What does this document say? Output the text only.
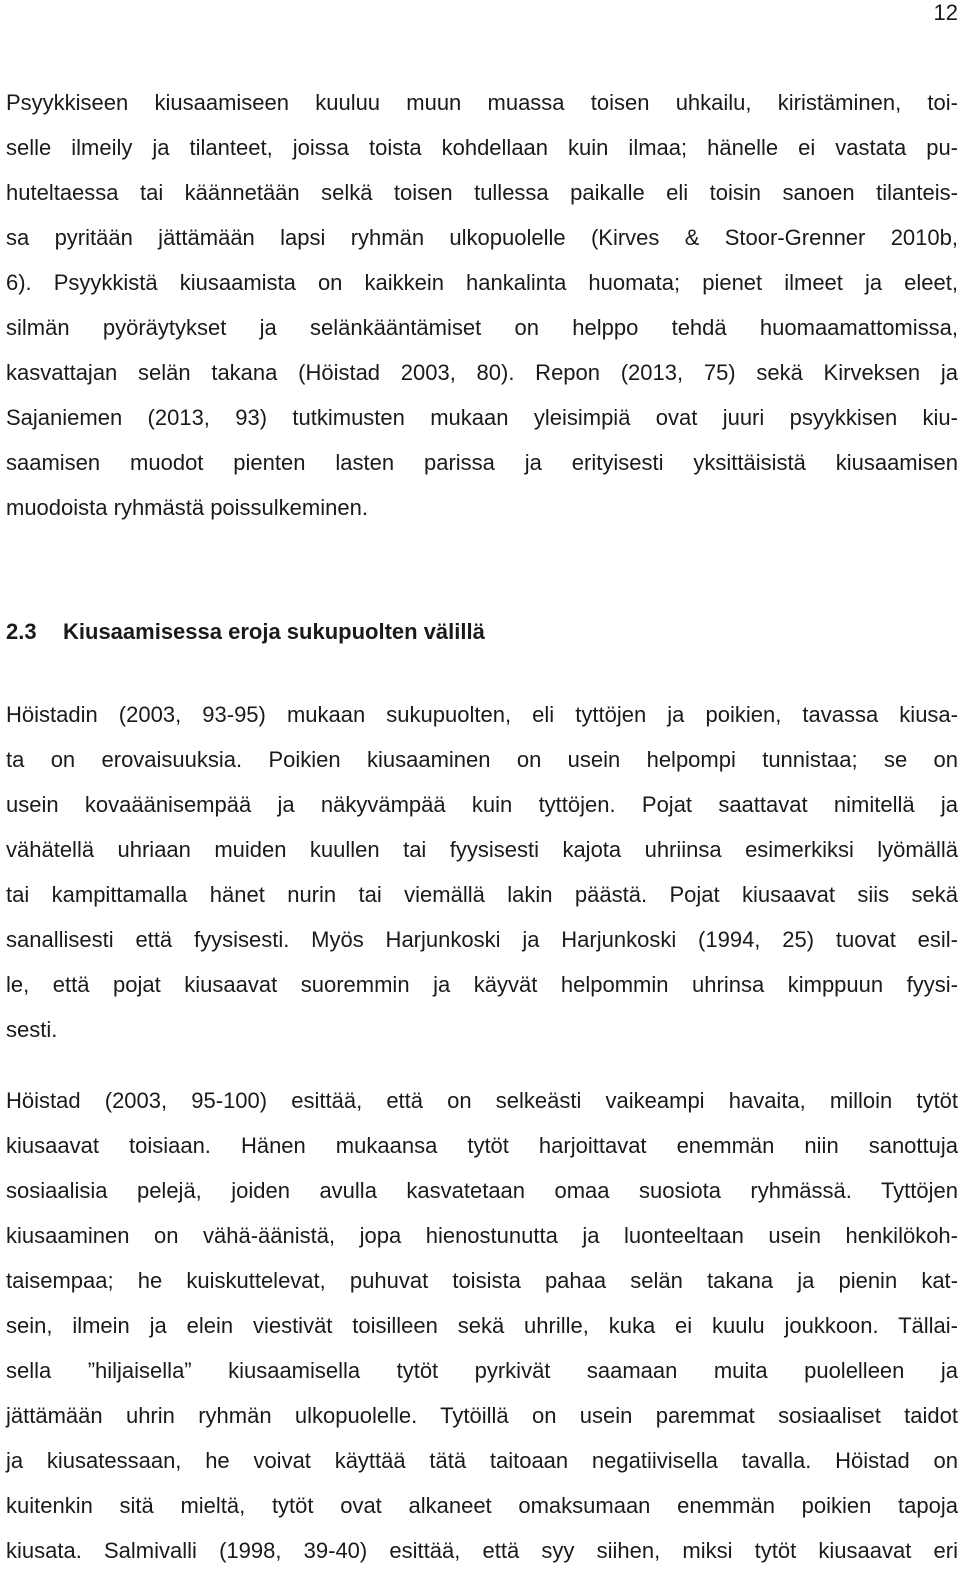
12
Psyykkiseen kiusaamiseen kuuluu muun muassa toisen uhkailu, kiristäminen, toi-
selle ilmeily ja tilanteet, joissa toista kohdellaan kuin ilmaa; hänelle ei vastata pu-
huteltaessa tai käännetään selkä toisen tullessa paikalle eli toisin sanoen tilanteis-
sa pyritään jättämään lapsi ryhmän ulkopuolelle (Kirves & Stoor-Grenner 2010b,
6). Psyykkistä kiusaamista on kaikkein hankalinta huomata; pienet ilmeet ja eleet,
silmän pyöräytykset ja selänkääntämiset on helppo tehdä huomaamattomissa,
kasvattajan selän takana (Höistad 2003, 80). Repon (2013, 75) sekä Kirveksen ja
Sajaniemen (2013, 93) tutkimusten mukaan yleisimpiä ovat juuri psyykkisen kiu-
saamisen muodot pienten lasten parissa ja erityisesti yksittäisistä kiusaamisen
muodoista ryhmästä poissulkeminen.
2.3 Kiusaamisessa eroja sukupuolten välillä
Höistadin (2003, 93-95) mukaan sukupuolten, eli tyttöjen ja poikien, tavassa kiusa-
ta on erovaisuuksia. Poikien kiusaaminen on usein helpompi tunnistaa; se on
usein kovaäänisempää ja näkyvämpää kuin tyttöjen. Pojat saattavat nimitellä ja
vähätellä uhriaan muiden kuullen tai fyysisesti kajota uhriinsa esimerkiksi lyömällä
tai kampittamalla hänet nurin tai viemällä lakin päästä. Pojat kiusaavat siis sekä
sanallisesti että fyysisesti. Myös Harjunkoski ja Harjunkoski (1994, 25) tuovat esil-
le, että pojat kiusaavat suoremmin ja käyvät helpommin uhrinsa kimppuun fyysi-
sesti.
Höistad (2003, 95-100) esittää, että on selkeästi vaikeampi havaita, milloin tytöt
kiusaavat toisiaan. Hänen mukaansa tytöt harjoittavat enemmän niin sanottuja
sosiaalisia pelejä, joiden avulla kasvatetaan omaa suosiota ryhmässä. Tyttöjen
kiusaaminen on vähä-äänistä, jopa hienostunutta ja luonteeltaan usein henkilökoh-
taisempaa; he kuiskuttelevat, puhuvat toisista pahaa selän takana ja pienin kat-
sein, ilmein ja elein viestivät toisilleen sekä uhrille, kuka ei kuulu joukkoon. Tällai-
sella ”hiljaisella” kiusaamisella tytöt pyrkivät saamaan muita puolelleen ja
jättämään uhrin ryhmän ulkopuolelle. Tytöillä on usein paremmat sosiaaliset taidot
ja kiusatessaan, he voivat käyttää tätä taitoaan negatiivisella tavalla. Höistad on
kuitenkin sitä mieltä, tytöt ovat alkaneet omaksumaan enemmän poikien tapoja
kiusata. Salmivalli (1998, 39-40) esittää, että syy siihen, miksi tytöt kiusaavat eri
